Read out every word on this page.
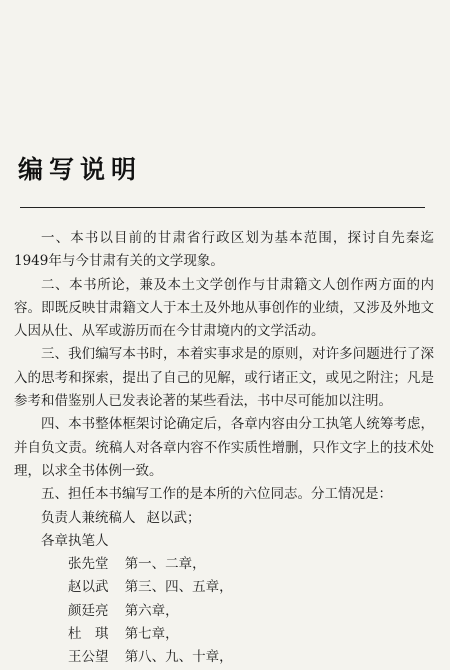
编写说明
一、本书以目前的甘肃省行政区划为基本范围，探讨自先秦迄1949年与今甘肃有关的文学现象。
二、本书所论，兼及本土文学创作与甘肃籍文人创作两方面的内容。即既反映甘肃籍文人于本土及外地从事创作的业绩，又涉及外地文人因从仕、从军或游历而在今甘肃境内的文学活动。
三、我们编写本书时，本着实事求是的原则，对许多问题进行了深入的思考和探索，提出了自己的见解，或行诸正文，或见之附注；凡是参考和借鉴别人已发表论著的某些看法，书中尽可能加以注明。
四、本书整体框架讨论确定后，各章内容由分工执笔人统筹考虑，并自负文责。统稿人对各章内容不作实质性增删，只作文字上的技术处理，以求全书体例一致。
五、担任本书编写工作的是本所的六位同志。分工情况是：
负责人兼统稿人 赵以武；
各章执笔人
张先堂 第一、二章，
赵以武 第三、四、五章，
颜廷亮 第六章，
杜　琪 第七章，
王公望 第八、九、十章，
